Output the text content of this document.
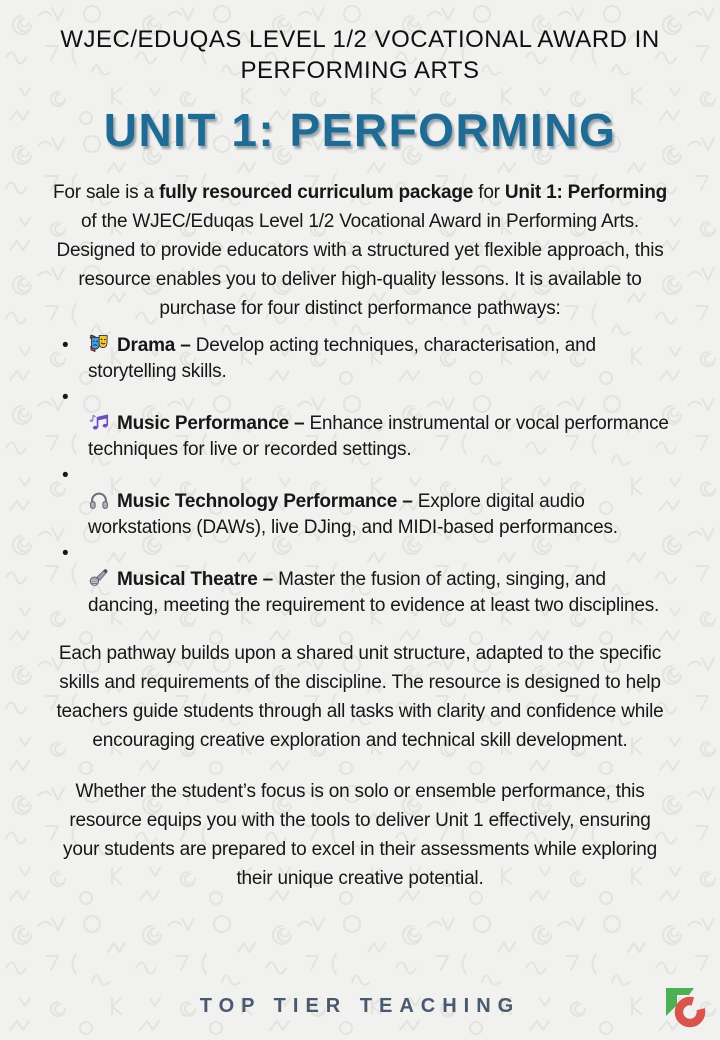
WJEC/EDUQAS LEVEL 1/2 VOCATIONAL AWARD IN
PERFORMING ARTS
UNIT 1: PERFORMING

For sale is a fully resourced curriculum package for Unit 1: Performing of the WJEC/Eduqas Level 1/2 Vocational Award in Performing Arts. Designed to provide educators with a structured yet flexible approach, this resource enables you to deliver high-quality lessons. It is available to purchase for four distinct performance pathways:

•
Drama – Develop acting techniques, characterisation, and storytelling skills.
•
Music Performance – Enhance instrumental or vocal performance techniques for live or recorded settings.
•
Music Technology Performance – Explore digital audio workstations (DAWs), live DJing, and MIDI-based performances.
•
Musical Theatre – Master the fusion of acting, singing, and dancing, meeting the requirement to evidence at least two disciplines.

Each pathway builds upon a shared unit structure, adapted to the specific skills and requirements of the discipline. The resource is designed to help teachers guide students through all tasks with clarity and confidence while encouraging creative exploration and technical skill development.

Whether the student’s focus is on solo or ensemble performance, this resource equips you with the tools to deliver Unit 1 effectively, ensuring your students are prepared to excel in their assessments while exploring their unique creative potential.

TOP TIER TEACHING
